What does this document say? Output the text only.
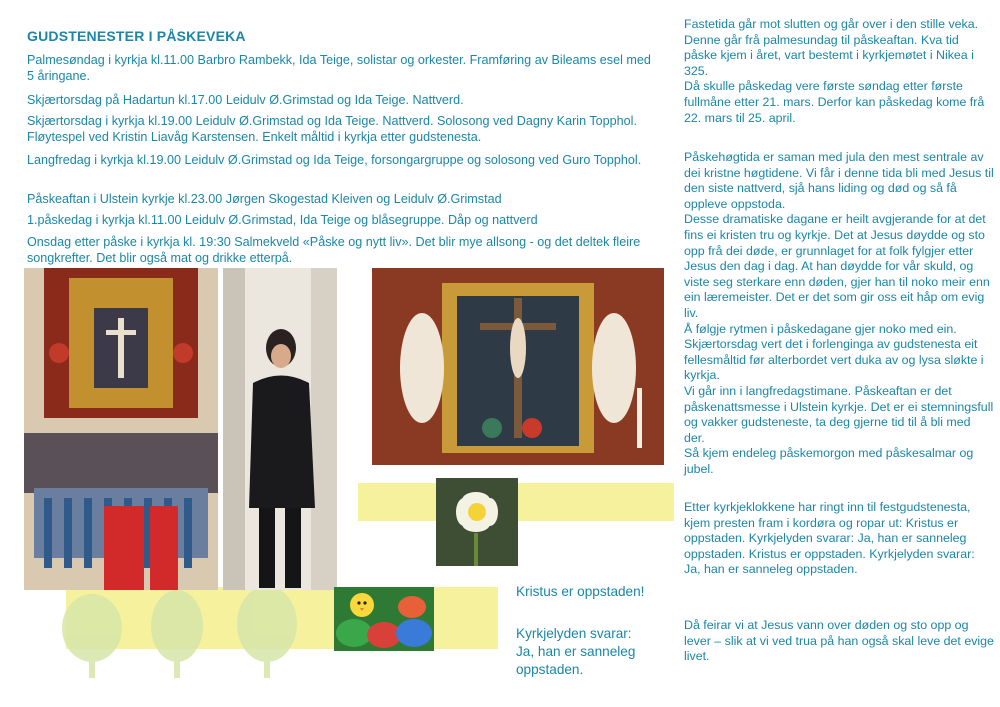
GUDSTENESTER I PÅSKEVEKA
Palmesøndag i kyrkja kl.11.00 Barbro Rambekk, Ida Teige, solistar og orkester. Framføring av Bileams esel med 5 åringane.
Skjærtorsdag på Hadartun kl.17.00 Leidulv Ø.Grimstad og Ida Teige. Nattverd.
Skjærtorsdag i kyrkja kl.19.00 Leidulv Ø.Grimstad og Ida Teige. Nattverd. Solosong ved Dagny Karin Topphol. Fløytespel ved Kristin Liavåg Karstensen. Enkelt måltid i kyrkja etter gudstenesta.
Langfredag i kyrkja kl.19.00 Leidulv Ø.Grimstad og Ida Teige, forsongargruppe og solosong ved Guro Topphol.
Påskeaftan i Ulstein kyrkje kl.23.00 Jørgen Skogestad Kleiven og Leidulv Ø.Grimstad
1.påskedag i kyrkja kl.11.00 Leidulv Ø.Grimstad, Ida Teige og blåsegruppe. Dåp og nattverd
Onsdag etter påske i kyrkja kl. 19:30 Salmekveld «Påske og nytt liv». Det blir mye allsong - og det deltek fleire songkrefter. Det blir også mat og drikke etterpå.
Kristus er oppstaden!
Kyrkjelyden svarar:
Ja, han er sanneleg
oppstaden.
Fastetida går mot slutten og går over i den stille veka. Denne går frå palmesundag til påskeaftan. Kva tid påske kjem i året, vart bestemt i kyrkjemøtet i Nikea i 325.
Då skulle påskedag vere første søndag etter første fullmåne etter 21. mars. Derfor kan påskedag kome frå 22. mars til 25. april.
Påskehøgtida er saman med jula den mest sentrale av dei kristne høgtidene. Vi får i denne tida bli med Jesus til den siste nattverd, sjå hans liding og død og så få oppleve oppstoda.
Desse dramatiske dagane er heilt avgjerande for at det fins ei kristen tru og kyrkje. Det at Jesus døydde og sto opp frå dei døde, er grunnlaget for at folk fylgjer etter Jesus den dag i dag. At han døydde for vår skuld, og viste seg sterkare enn døden, gjer han til noko meir enn ein læremeister. Det er det som gir oss eit håp om evig liv.
Å følgje rytmen i påskedagane gjer noko med ein. Skjærtorsdag vert det i forlenginga av gudstenesta eit fellesmåltid før alterbordet vert duka av og lysa sløkte i kyrkja.
Vi går inn i langfredagstimane. Påskeaftan er det påskenattsmesse i Ulstein kyrkje. Det er ei stemningsfull og vakker gudsteneste, ta deg gjerne tid til å bli med der.
Så kjem endeleg påskemorgon med påskesalmar og jubel.
Etter kyrkjeklokkene har ringt inn til festgudstenesta, kjem presten fram i kordøra og ropar ut: Kristus er oppstaden. Kyrkjelyden svarar: Ja, han er sanneleg oppstaden. Kristus er oppstaden. Kyrkjelyden svarar: Ja, han er sanneleg oppstaden.
Då feirar vi at Jesus vann over døden og sto opp og lever – slik at vi ved trua på han også skal leve det evige livet.
